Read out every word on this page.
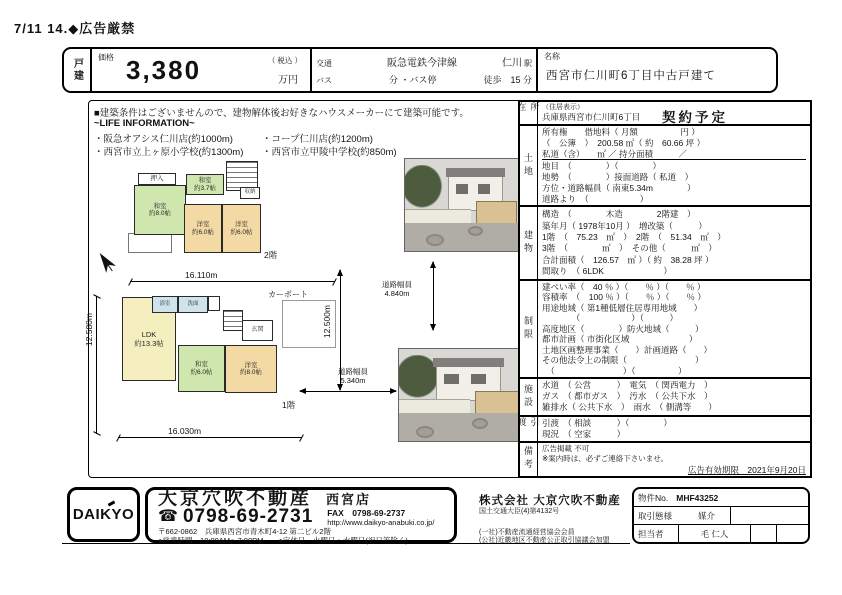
7/11 14.◆広告厳禁
戸建
価格 3,380	（ 税込 ）
万円
交通	阪急電鉄今津線	仁川 駅
バス	分 ・バス停	徒歩　15 分
名称
西宮市仁川町6丁目中古戸建て
■建築条件はございませんので、建物解体後お好きなハウスメーカーにて建築可能です。
~LIFE INFORMATION~
・阪急オアシス仁川店(約1000m)	・コープ仁川店(約1200m)
・西宮市立上ヶ原小学校(約1300m) ・西宮市立甲陵中学校(約850m)
押入
和室
約8.0帖
和室
約3.7帖
収納
洋室
約6.0帖
洋室
約6.0帖
2階
16.110m
LDK
約13.3帖
浴室	洗面
玄関
和室
約6.0帖
洋室
約8.0帖
カーポート
1階
16.030m
12.580m	12.500m
道路幅員
4.840m
道路幅員
5.340m
所在	（住居表示）
兵庫県西宮市仁川町6丁目	契約予定
土地
所有権　　借地料（ 月額　　　　　円 ）
（　公簿　）　200.58 ㎡（ 約　60.66 坪 ）
私道（含）　　㎡ ／ 持分面積　　　／
地目　（　　　　）（　　　　）
地勢　（　　　　）接面道路（ 私道　）
方位・道路幅員（ 南東5.34m　　　　）
道路より　（　　　　　　）
建物
構造　（　　　　木造　　　　2階建　）
築年月（ 1978年10月 ）　増改築（　　　）
1階　（　75.23　㎡　）　2階　（　51.34　㎡　）
3階　（　　　　㎡　）　その他（　　　㎡　）
合計面積（　126.57　㎡ ）（ 約　38.28 坪 ）
間取り　（ 6LDK　　　　　　　）
制限
建ぺい率（　40 ％ ）（　　％ ）（　　％ ）
容積率　（　100 ％ ）（　　％ ）（　　％ ）
用途地域（ 第1種低層住居専用地域　　）
　　　　（　　　　　　）（　　　）
高度地区（　　　　）防火地域（　　　）
都市計画（ 市街化区域　　　　　　　）
土地区画整理事業（　　）計画道路（　　）
その他法令上の制限（　　　　　　　　）
　（　　　　　　　　）（　　　　　）
施設	水道　（ 公営　　　）　電気　（ 関西電力　）
ガス　（ 都市ガス　）　汚水　（ 公共下水　）
雑排水（ 公共下水　）　雨水　（ 側溝等　　）
引渡	引渡　（ 相談　　　）（　　　　）
現況　（ 空家　　　）
備考	広告掲載 不可
※案内時は、必ずご連絡下さいませ。
広告有効期限　2021年9月20日
DAIKYO
大京穴吹不動産 西宮店
☎ 0798-69-2731 FAX　0798-69-2737
http://www.daikyo-anabuki.co.jp/
〒662-0862　兵庫県西宮市青木町4-12 第二ビル2階
●営業時間　10:00AM～7:00PM　　●定休日　火曜日・水曜日(祝日等除く)
株式会社 大京穴吹不動産
国土交通大臣(4)第4132号
(一社)不動産流通経営協会会員
(公社)近畿地区不動産公正取引協議会加盟
物件No. MHF43252
取引態様	媒介
担当者	毛 仁人
